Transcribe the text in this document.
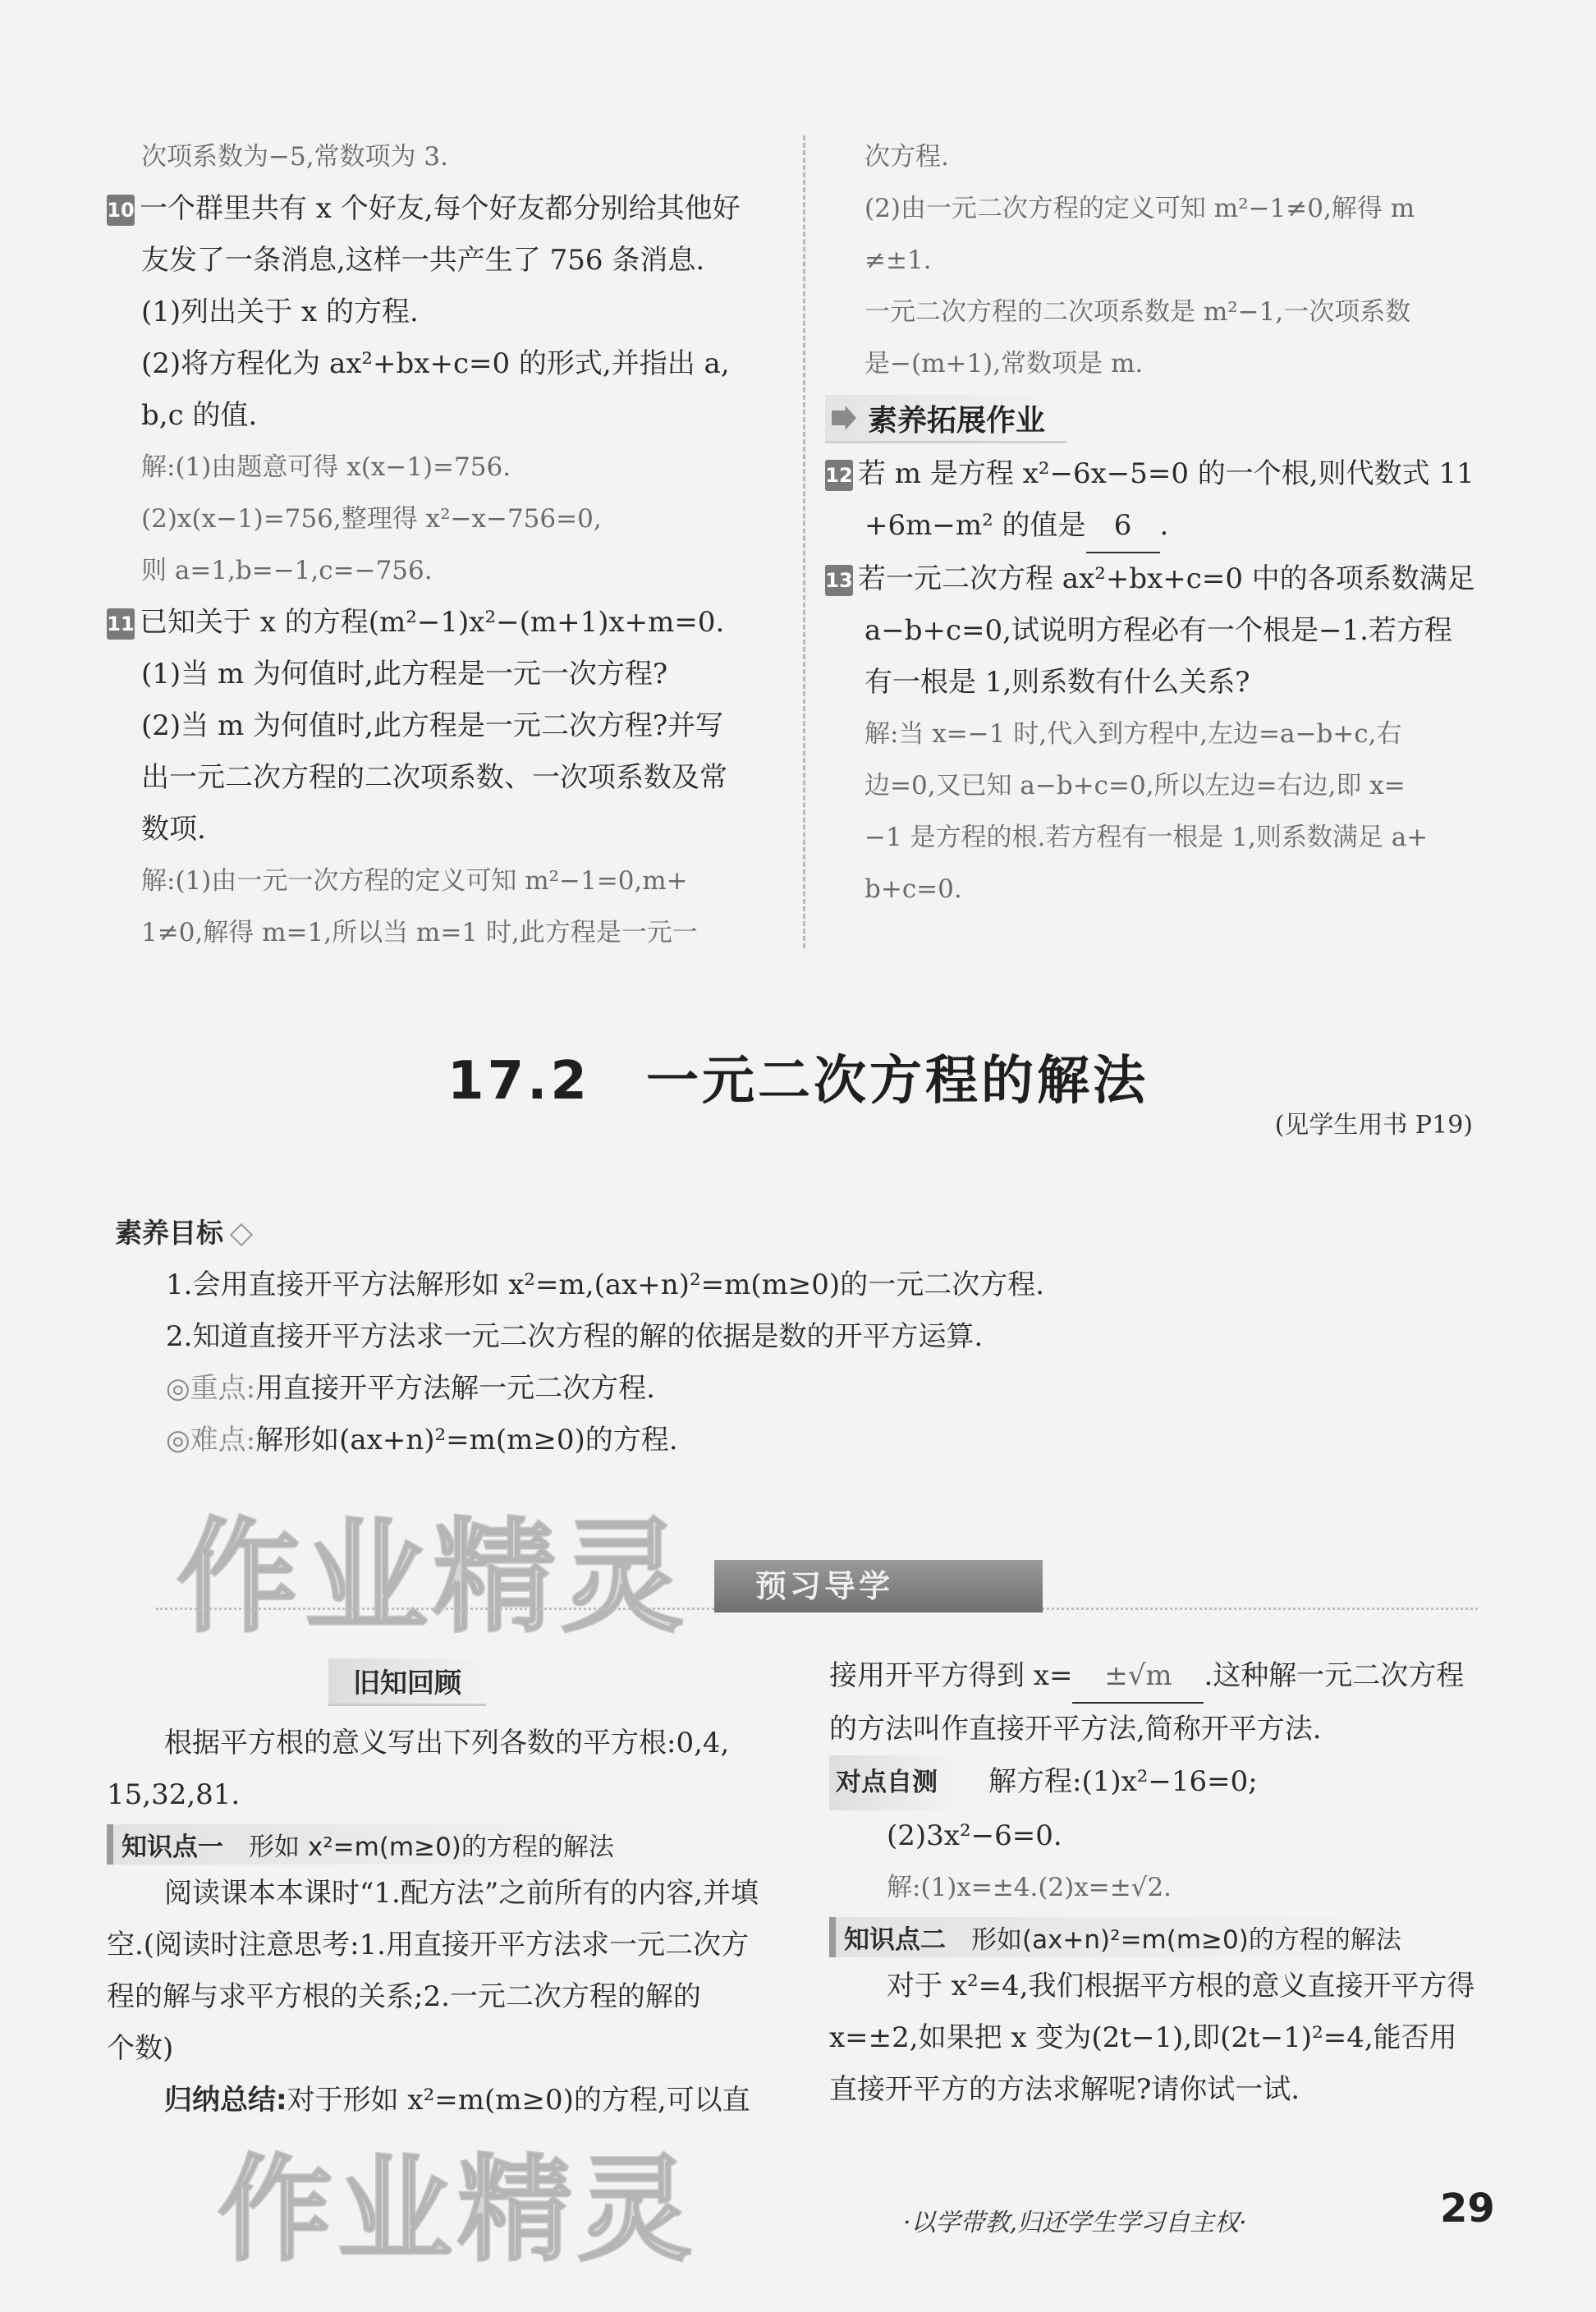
次项系数为−5,常数项为 3.
10 一个群里共有 x 个好友,每个好友都分别给其他好
友发了一条消息,这样一共产生了 756 条消息.
(1)列出关于 x 的方程.
(2)将方程化为 ax²+bx+c=0 的形式,并指出 a,
b,c 的值.
解:(1)由题意可得 x(x−1)=756.
(2)x(x−1)=756,整理得 x²−x−756=0,
则 a=1,b=−1,c=−756.
11 已知关于 x 的方程(m²−1)x²−(m+1)x+m=0.
(1)当 m 为何值时,此方程是一元一次方程?
(2)当 m 为何值时,此方程是一元二次方程?并写
出一元二次方程的二次项系数、一次项系数及常
数项.
解:(1)由一元一次方程的定义可知 m²−1=0,m+
1≠0,解得 m=1,所以当 m=1 时,此方程是一元一
次方程.
(2)由一元二次方程的定义可知 m²−1≠0,解得 m
≠±1.
一元二次方程的二次项系数是 m²−1,一次项系数
是−(m+1),常数项是 m.
素养拓展作业
12 若 m 是方程 x²−6x−5=0 的一个根,则代数式 11
+6m−m² 的值是 6 .
13 若一元二次方程 ax²+bx+c=0 中的各项系数满足
a−b+c=0,试说明方程必有一个根是−1.若方程
有一根是 1,则系数有什么关系?
解:当 x=−1 时,代入到方程中,左边=a−b+c,右
边=0,又已知 a−b+c=0,所以左边=右边,即 x=
−1 是方程的根.若方程有一根是 1,则系数满足 a+
b+c=0.
17.2　一元二次方程的解法
(见学生用书 P19)
素养目标
1.会用直接开平方法解形如 x²=m,(ax+n)²=m(m≥0)的一元二次方程.
2.知道直接开平方法求一元二次方程的解的依据是数的开平方运算.
◎重点:用直接开平方法解一元二次方程.
◎难点:解形如(ax+n)²=m(m≥0)的方程.
作业精灵	预习导学
旧知回顾
根据平方根的意义写出下列各数的平方根:0,4,
15,32,81.
知识点一　 形如 x²=m(m≥0)的方程的解法
阅读课本本课时“1.配方法”之前所有的内容,并填
空.(阅读时注意思考:1.用直接开平方法求一元二次方
程的解与求平方根的关系;2.一元二次方程的解的
个数)
归纳总结:对于形如 x²=m(m≥0)的方程,可以直
作业精灵
接用开平方得到 x= ±√m .这种解一元二次方程
的方法叫作直接开平方法,简称开平方法.
对点自测 解方程:(1)x²−16=0;
(2)3x²−6=0.
解:(1)x=±4.(2)x=±√2.
知识点二　 形如(ax+n)²=m(m≥0)的方程的解法
对于 x²=4,我们根据平方根的意义直接开平方得
x=±2,如果把 x 变为(2t−1),即(2t−1)²=4,能否用
直接开平方的方法求解呢?请你试一试.
·以学带教,归还学生学习自主权·	29
